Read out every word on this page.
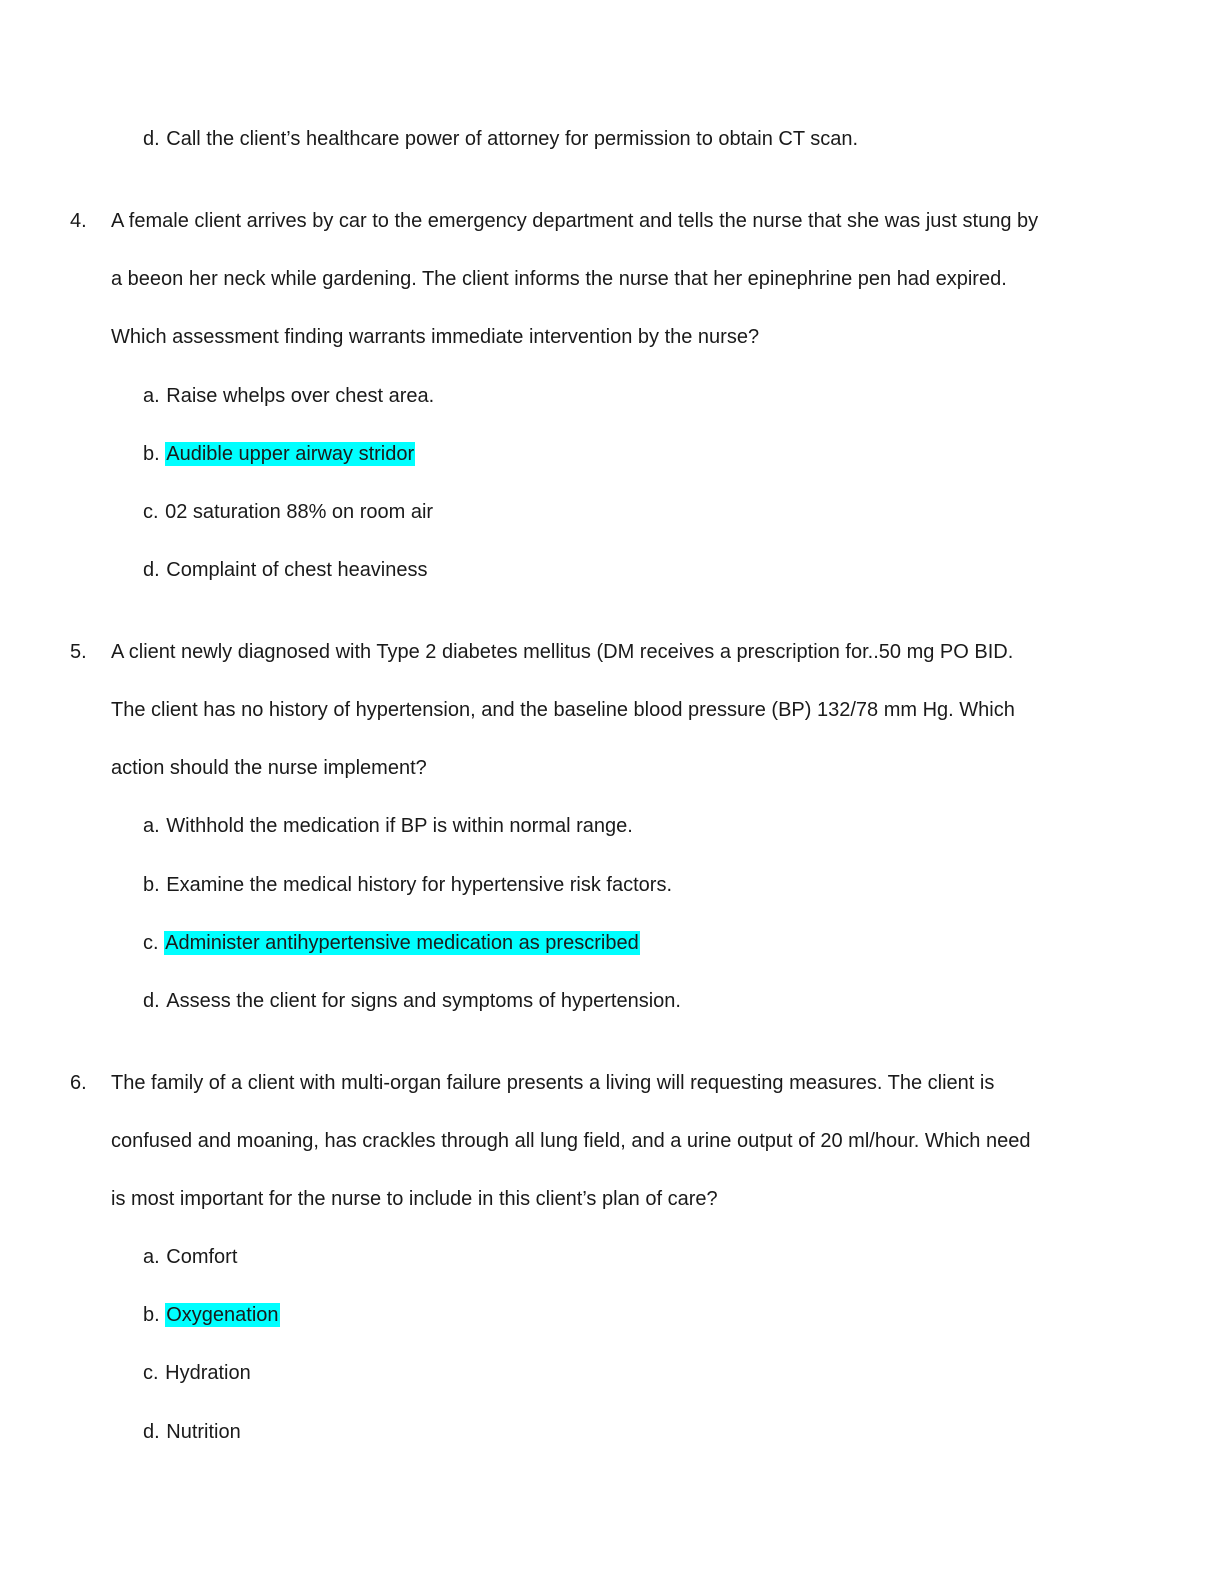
d. Call the client’s healthcare power of attorney for permission to obtain CT scan.
4. A female client arrives by car to the emergency department and tells the nurse that she was just stung by
a beeon her neck while gardening. The client informs the nurse that her epinephrine pen had expired.
Which assessment finding warrants immediate intervention by the nurse?
a. Raise whelps over chest area.
b. Audible upper airway stridor
c. 02 saturation 88% on room air
d. Complaint of chest heaviness
5. A client newly diagnosed with Type 2 diabetes mellitus (DM receives a prescription for..50 mg PO BID.
The client has no history of hypertension, and the baseline blood pressure (BP) 132/78 mm Hg. Which
action should the nurse implement?
a. Withhold the medication if BP is within normal range.
b. Examine the medical history for hypertensive risk factors.
c. Administer antihypertensive medication as prescribed
d. Assess the client for signs and symptoms of hypertension.
6. The family of a client with multi-organ failure presents a living will requesting measures. The client is
confused and moaning, has crackles through all lung field, and a urine output of 20 ml/hour. Which need
is most important for the nurse to include in this client’s plan of care?
a. Comfort
b. Oxygenation
c. Hydration
d. Nutrition
